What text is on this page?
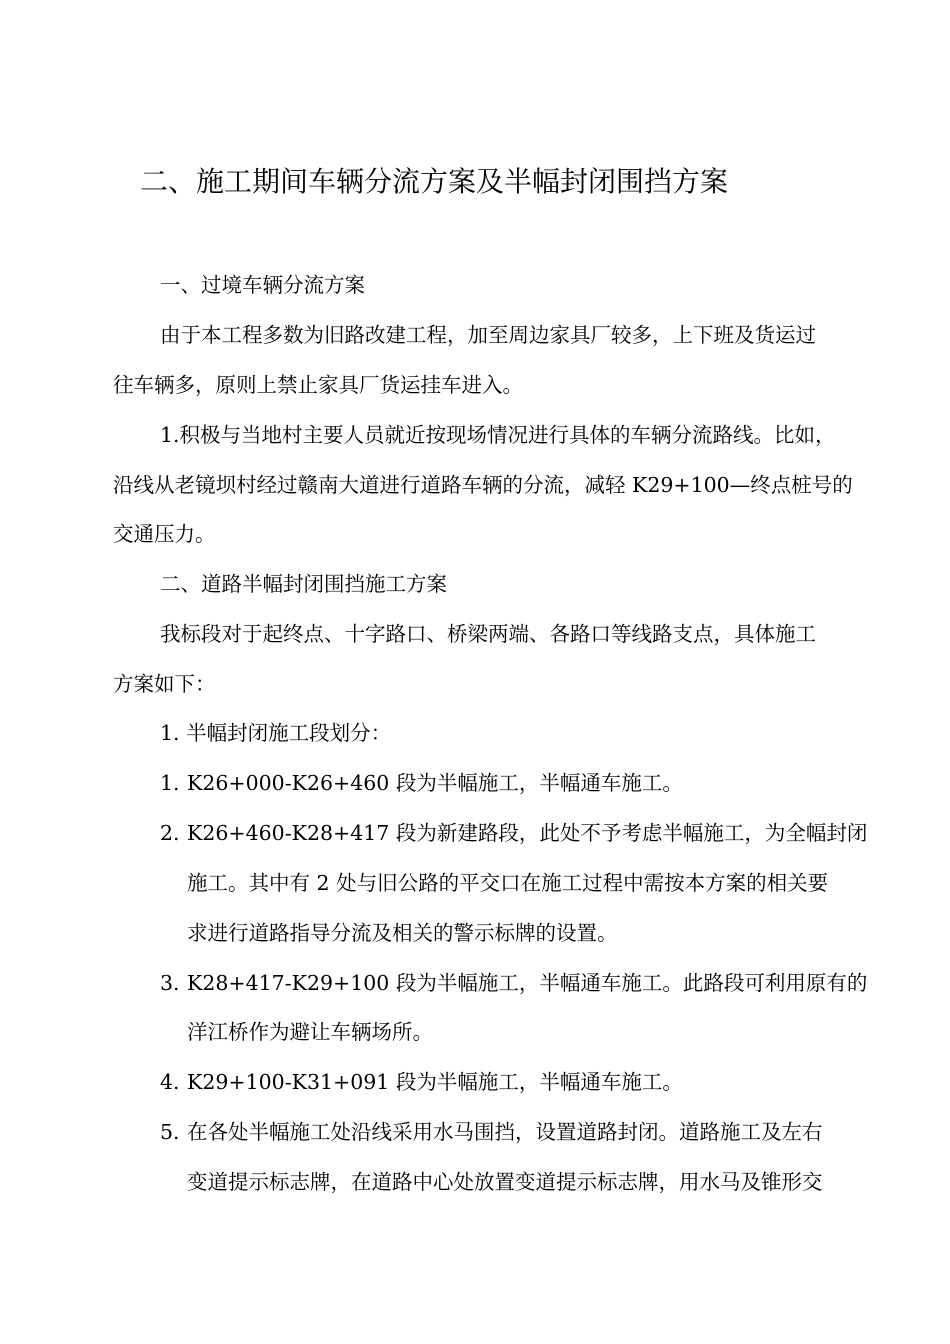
二、施工期间车辆分流方案及半幅封闭围挡方案
一、过境车辆分流方案
由于本工程多数为旧路改建工程，加至周边家具厂较多，上下班及货运过
往车辆多，原则上禁止家具厂货运挂车进入。
1.积极与当地村主要人员就近按现场情况进行具体的车辆分流路线。比如，
沿线从老镜坝村经过赣南大道进行道路车辆的分流，减轻 K29+100—终点桩号的
交通压力。
二、道路半幅封闭围挡施工方案
我标段对于起终点、十字路口、桥梁两端、各路口等线路支点，具体施工
方案如下：
1. 半幅封闭施工段划分：
1. K26+000-K26+460 段为半幅施工，半幅通车施工。
2. K26+460-K28+417 段为新建路段，此处不予考虑半幅施工，为全幅封闭
施工。其中有 2 处与旧公路的平交口在施工过程中需按本方案的相关要
求进行道路指导分流及相关的警示标牌的设置。
3. K28+417-K29+100 段为半幅施工，半幅通车施工。此路段可利用原有的
洋江桥作为避让车辆场所。
4. K29+100-K31+091 段为半幅施工，半幅通车施工。
5. 在各处半幅施工处沿线采用水马围挡，设置道路封闭。道路施工及左右
变道提示标志牌，在道路中心处放置变道提示标志牌，用水马及锥形交
